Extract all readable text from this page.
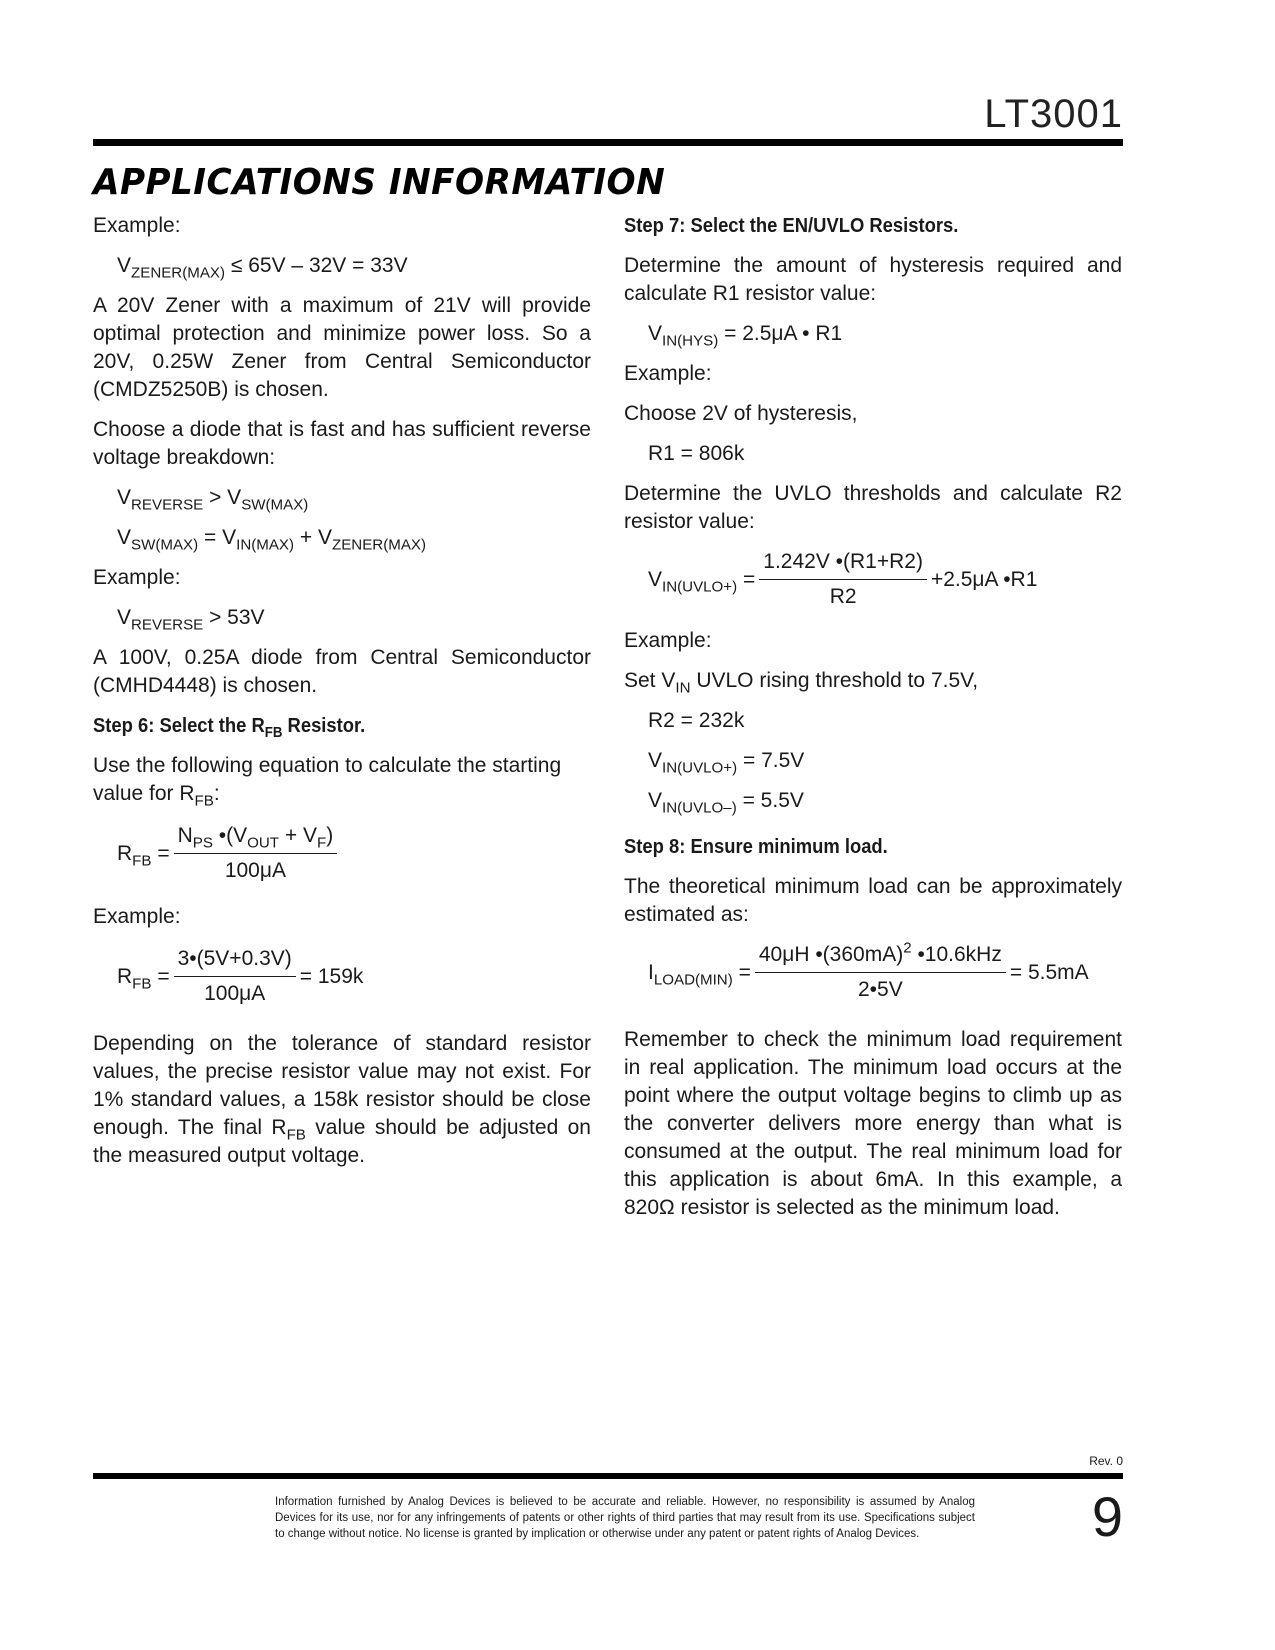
LT3001
APPLICATIONS INFORMATION

Example:

$V_{ZENER(MAX)} \le 65V - 32V = 33V$

A 20V Zener with a maximum of 21V will provide optimal protection and minimize power loss. So a 20V, 0.25W Zener from Central Semiconductor (CMDZ5250B) is chosen.

Choose a diode that is fast and has sufficient reverse voltage breakdown:

$V_{REVERSE} > V_{SW(MAX)}$

$V_{SW(MAX)} = V_{IN(MAX)} + V_{ZENER(MAX)}$

Example:

$V_{REVERSE} > 53V$

A 100V, 0.25A diode from Central Semiconductor (CMHD4448) is chosen.

Step 6: Select the $R_{FB}$ Resistor.

Use the following equation to calculate the starting value for $R_{FB}$:

$R_{FB} = \frac{N_{PS} •(V_{OUT} + V_F)}{100\mu A}$

Example:

$R_{FB} = \frac{3•(5V+0.3V)}{100\mu A} = 159k$

Depending on the tolerance of standard resistor values, the precise resistor value may not exist. For 1% standard values, a 158k resistor should be close enough. The final $R_{FB}$ value should be adjusted on the measured output voltage.

Step 7: Select the EN/UVLO Resistors.

Determine the amount of hysteresis required and calculate R1 resistor value:

$V_{IN(HYS)} = 2.5\mu A$ • R1

Example:

Choose 2V of hysteresis,

R1 = 806k

Determine the UVLO thresholds and calculate R2 resistor value:

$V_{IN(UVLO+)} = \frac{1.242V •(R1+R2)}{R2} +2.5\mu A$ •R1

Example:

Set $V_{IN}$ UVLO rising threshold to 7.5V,

R2 = 232k

$V_{IN(UVLO+)} = 7.5V$

$V_{IN(UVLO-)} = 5.5V$

Step 8: Ensure minimum load.

The theoretical minimum load can be approximately estimated as:

$I_{LOAD(MIN)} = \frac{40\mu H •(360mA)^2 •10.6kHz}{2•5V} = 5.5mA$

Remember to check the minimum load requirement in real application. The minimum load occurs at the point where the output voltage begins to climb up as the converter delivers more energy than what is consumed at the output. The real minimum load for this application is about 6mA. In this example, a 820Ω resistor is selected as the minimum load.

Rev. 0
Information furnished by Analog Devices is believed to be accurate and reliable. However, no responsibility is assumed by Analog Devices for its use, nor for any infringements of patents or other rights of third parties that may result from its use. Specifications subject to change without notice. No license is granted by implication or otherwise under any patent or patent rights of Analog Devices.	9
